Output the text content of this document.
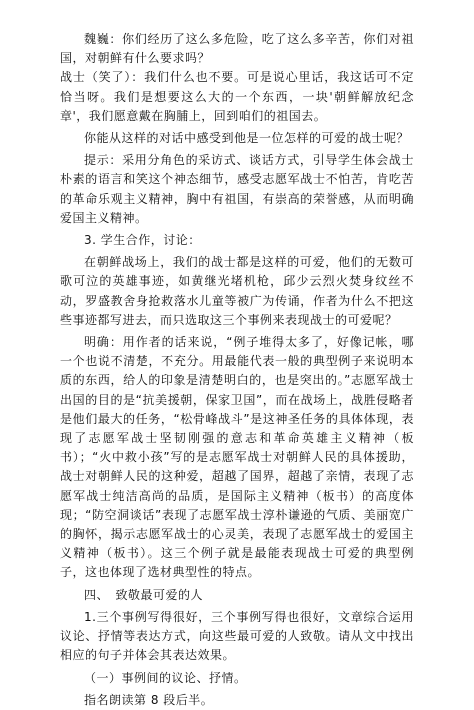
魏巍：你们经历了这么多危险，吃了这么多辛苦，你们对祖国，对朝鲜有什么要求吗？

战士（笑了）：我们什么也不要。可是说心里话，我这话可不定恰当呀。我们是想要这么大的一个东西，一块'朝鲜解放纪念章'，我们愿意戴在胸脯上，回到咱们的祖国去。

你能从这样的对话中感受到他是一位怎样的可爱的战士呢？

提示：采用分角色的采访式、谈话方式，引导学生体会战士朴素的语言和笑这个神态细节，感受志愿军战士不怕苦，肯吃苦的革命乐观主义精神，胸中有祖国，有崇高的荣誉感，从而明确爱国主义精神。

3. 学生合作，讨论：

在朝鲜战场上，我们的战士都是这样的可爱，他们的无数可歌可泣的英雄事迹，如黄继光堵机枪，邱少云烈火焚身纹丝不动，罗盛教舍身抢救落水儿童等被广为传诵，作者为什么不把这些事迹都写进去，而只选取这三个事例来表现战士的可爱呢？

明确：用作者的话来说，“例子堆得太多了，好像记帐，哪一个也说不清楚，不充分。用最能代表一般的典型例子来说明本质的东西，给人的印象是清楚明白的，也是突出的。”志愿军战士出国的目的是“抗美援朝，保家卫国”，而在战场上，战胜侵略者是他们最大的任务，“松骨峰战斗”是这神圣任务的具体体现，表现了志愿军战士坚韧刚强的意志和革命英雄主义精神（板书）；“火中救小孩”写的是志愿军战士对朝鲜人民的具体援助，战士对朝鲜人民的这种爱，超越了国界，超越了亲情，表现了志愿军战士纯洁高尚的品质，是国际主义精神（板书）的高度体现；“防空洞谈话”表现了志愿军战士淳朴谦逊的气质、美丽宽广的胸怀，揭示志愿军战士的心灵美，表现了志愿军战士的爱国主义精神（板书）。这三个例子就是最能表现战士可爱的典型例子，这也体现了选材典型性的特点。

四、　致敬最可爱的人

1.三个事例写得很好，三个事例写得也很好，文章综合运用议论、抒情等表达方式，向这些最可爱的人致敬。请从文中找出相应的句子并体会其表达效果。

（一）事例间的议论、抒情。

指名朗读第 8 段后半。
